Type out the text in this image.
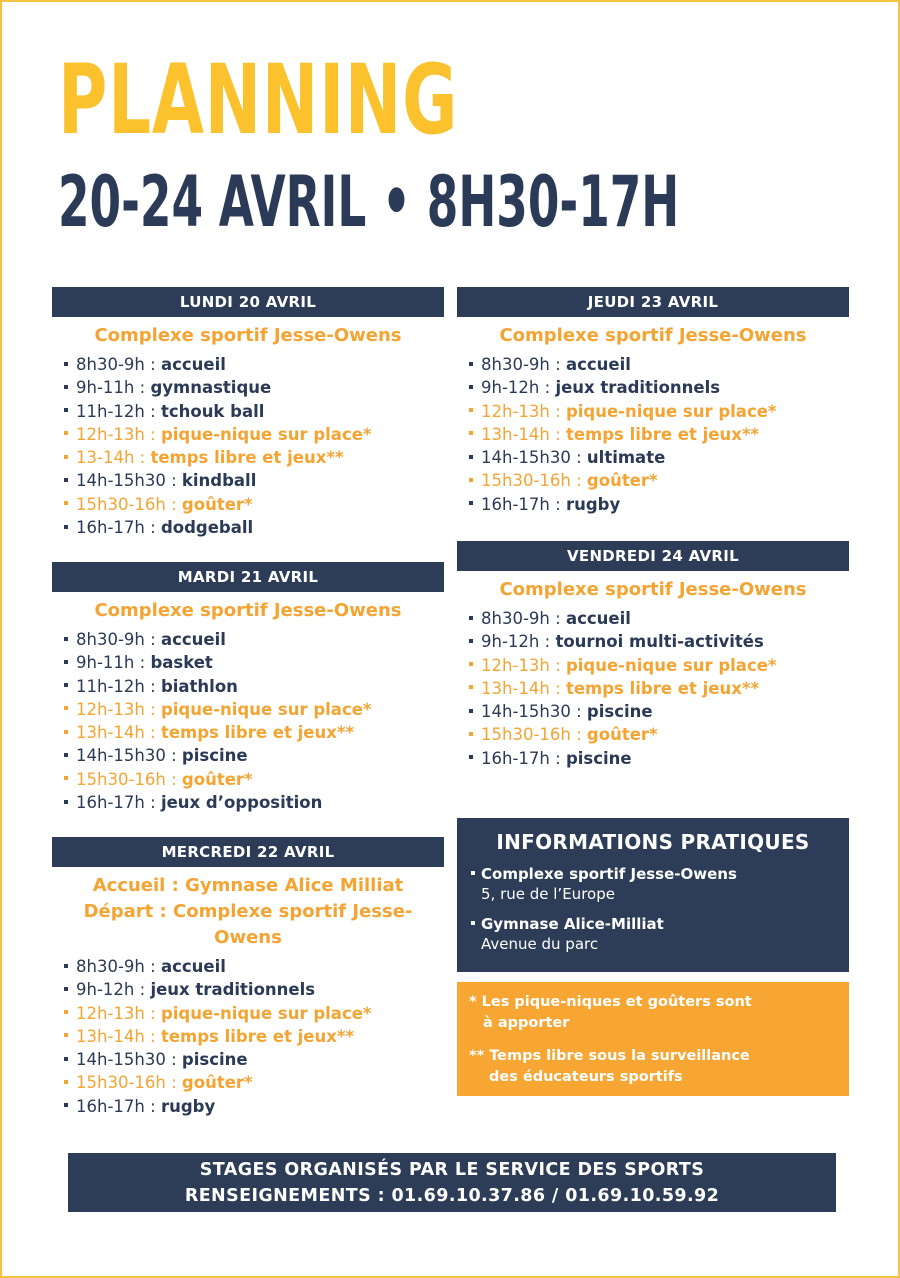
PLANNING
20-24 AVRIL • 8H30-17H
LUNDI 20 AVRIL
Complexe sportif Jesse-Owens
8h30-9h : accueil
9h-11h : gymnastique
11h-12h : tchouk ball
12h-13h : pique-nique sur place*
13-14h : temps libre et jeux**
14h-15h30 : kindball
15h30-16h : goûter*
16h-17h : dodgeball
MARDI 21 AVRIL
Complexe sportif Jesse-Owens
8h30-9h : accueil
9h-11h : basket
11h-12h : biathlon
12h-13h : pique-nique sur place*
13h-14h : temps libre et jeux**
14h-15h30 : piscine
15h30-16h : goûter*
16h-17h : jeux d’opposition
MERCREDI 22 AVRIL
Accueil : Gymnase Alice Milliat
Départ : Complexe sportif Jesse-Owens
8h30-9h : accueil
9h-12h : jeux traditionnels
12h-13h : pique-nique sur place*
13h-14h : temps libre et jeux**
14h-15h30 : piscine
15h30-16h : goûter*
16h-17h : rugby
JEUDI 23 AVRIL
Complexe sportif Jesse-Owens
8h30-9h : accueil
9h-12h : jeux traditionnels
12h-13h : pique-nique sur place*
13h-14h : temps libre et jeux**
14h-15h30 : ultimate
15h30-16h : goûter*
16h-17h : rugby
VENDREDI 24 AVRIL
Complexe sportif Jesse-Owens
8h30-9h : accueil
9h-12h : tournoi multi-activités
12h-13h : pique-nique sur place*
13h-14h : temps libre et jeux**
14h-15h30 : piscine
15h30-16h : goûter*
16h-17h : piscine
INFORMATIONS PRATIQUES
Complexe sportif Jesse-Owens
5, rue de l’Europe
Gymnase Alice-Milliat
Avenue du parc
* Les pique-niques et goûters sont
à apporter
** Temps libre sous la surveillance
des éducateurs sportifs
STAGES ORGANISÉS PAR LE SERVICE DES SPORTS
RENSEIGNEMENTS : 01.69.10.37.86 / 01.69.10.59.92
